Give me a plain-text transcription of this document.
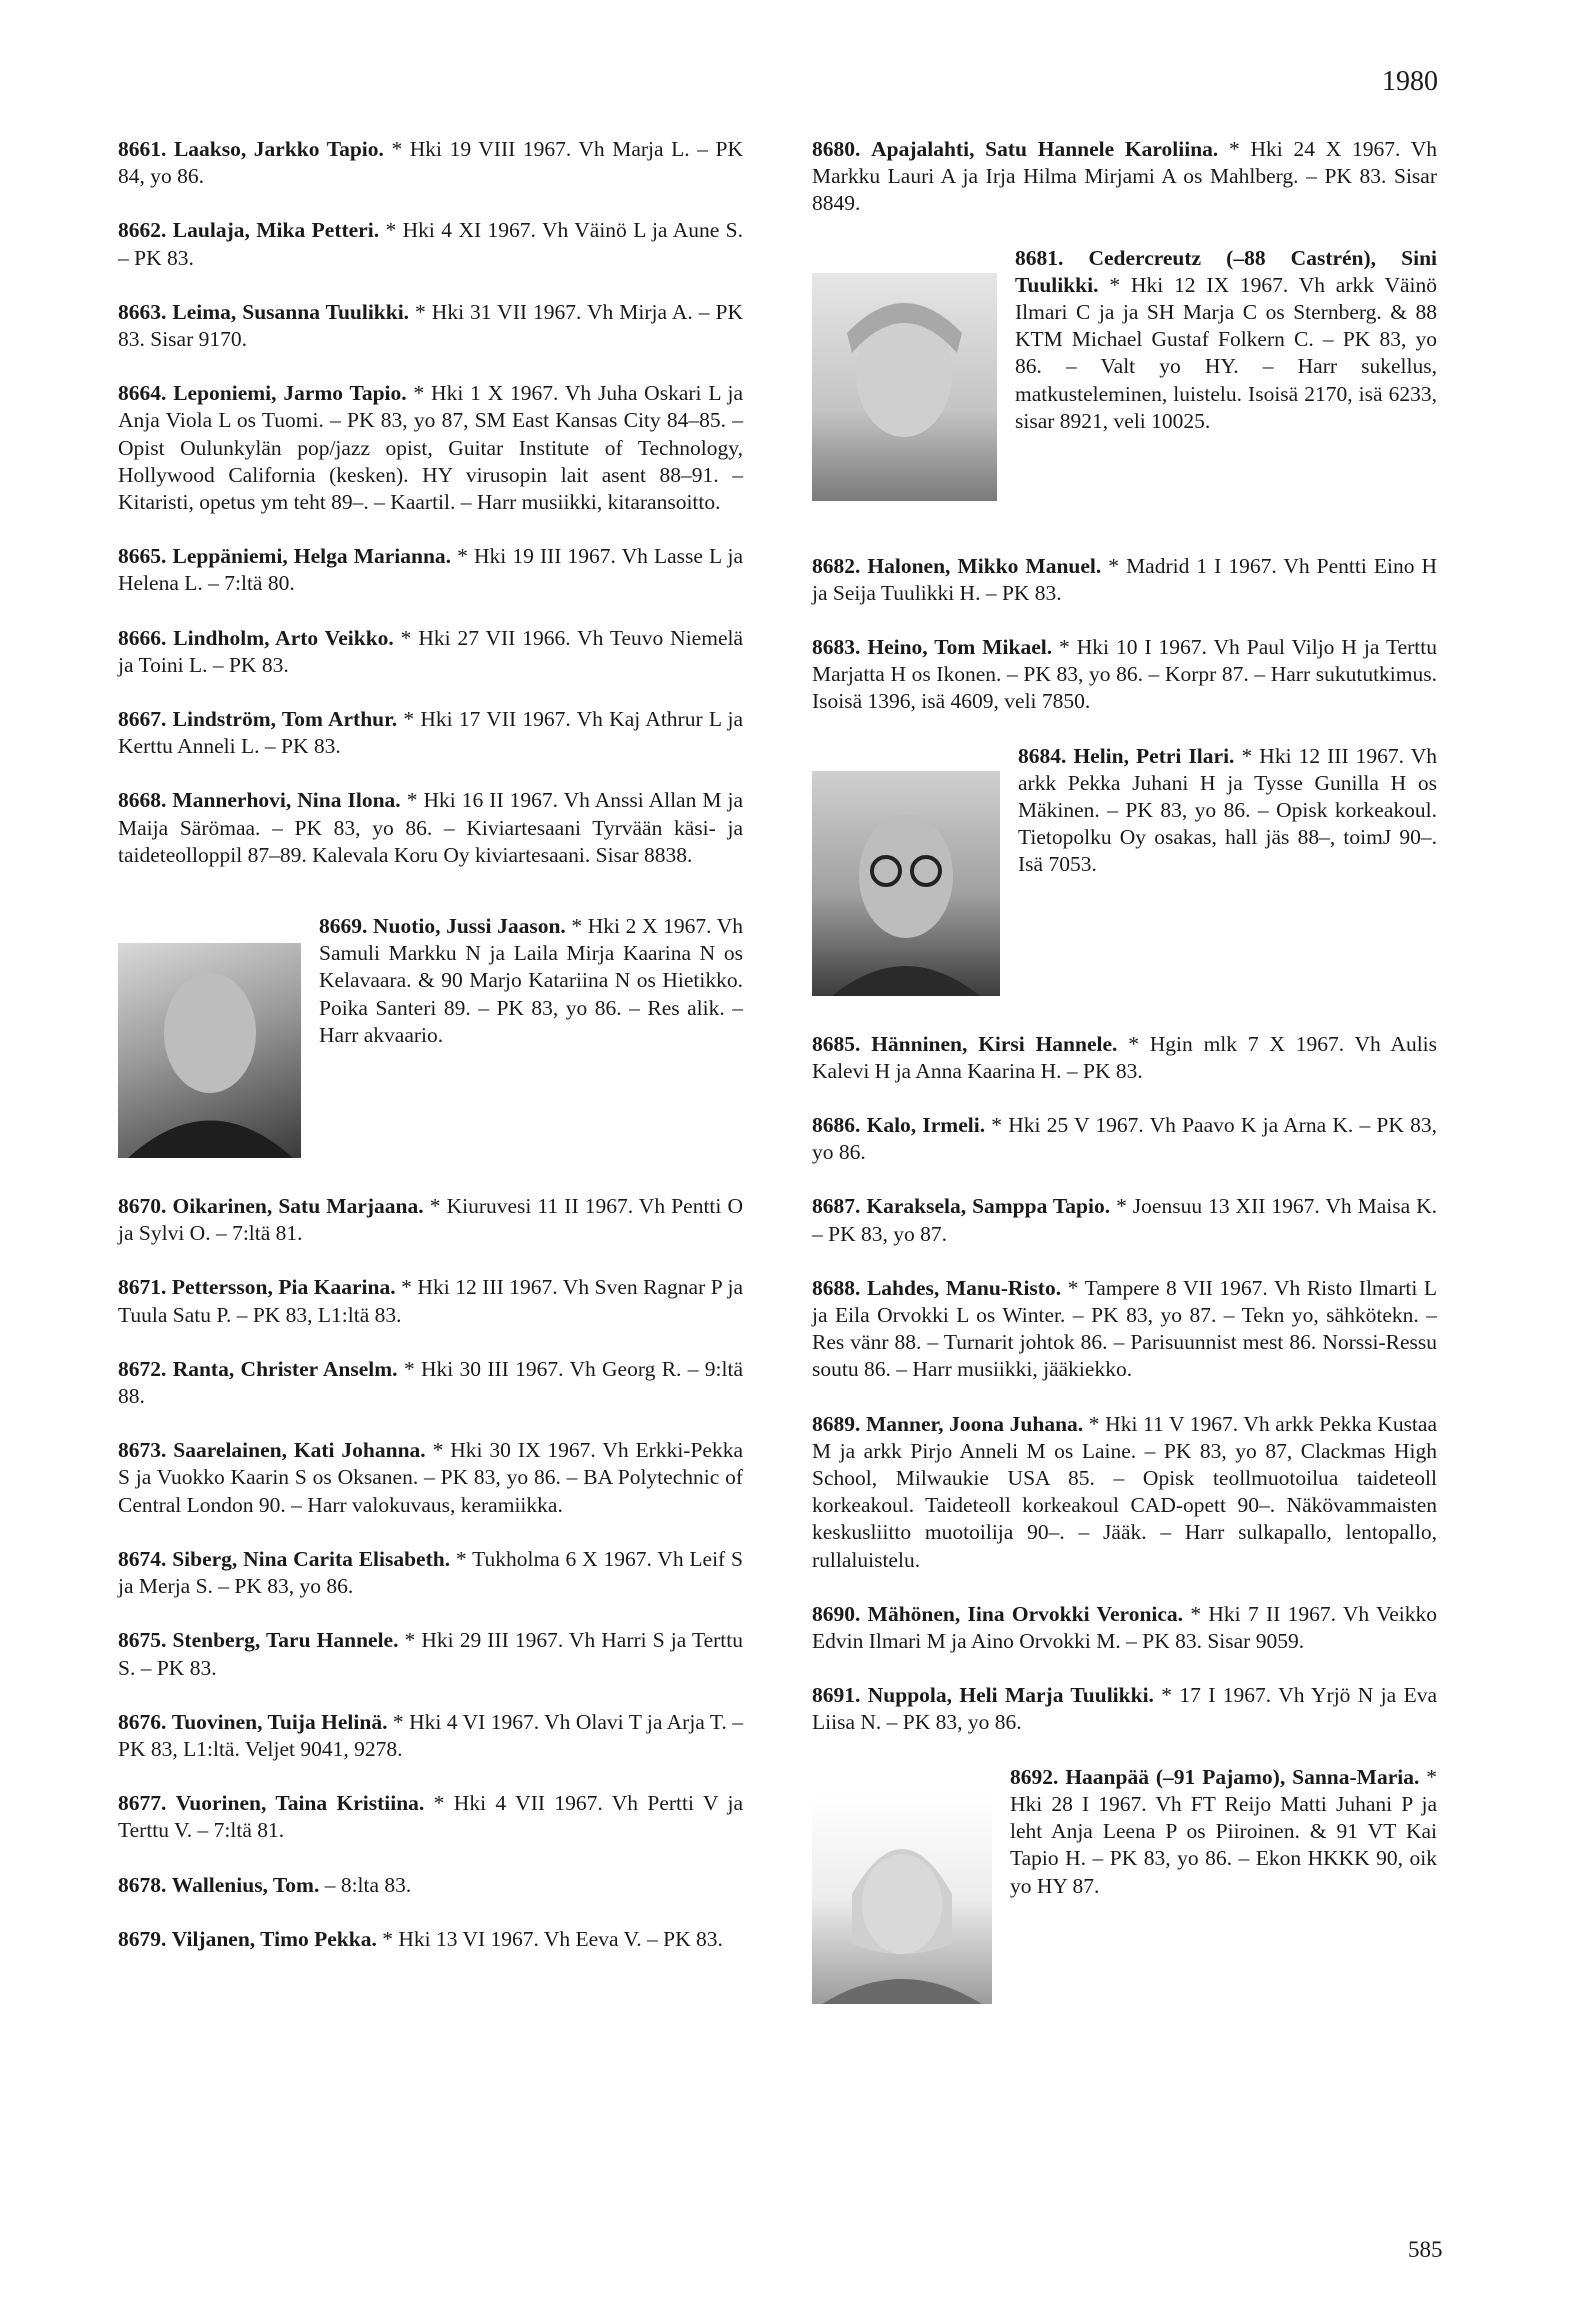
1980
8661. Laakso, Jarkko Tapio. * Hki 19 VIII 1967. Vh Marja L. – PK 84, yo 86.
8662. Laulaja, Mika Petteri. * Hki 4 XI 1967. Vh Väinö L ja Aune S. – PK 83.
8663. Leima, Susanna Tuulikki. * Hki 31 VII 1967. Vh Mirja A. – PK 83. Sisar 9170.
8664. Leponiemi, Jarmo Tapio. * Hki 1 X 1967. Vh Juha Oskari L ja Anja Viola L os Tuomi. – PK 83, yo 87, SM East Kansas City 84–85. – Opist Oulunkylän pop/jazz opist, Guitar Institute of Technology, Hollywood California (kesken). HY virusopin lait asent 88–91. – Kitaristi, opetus ym teht 89–. – Kaartil. – Harr musiikki, kitaransoitto.
8665. Leppäniemi, Helga Marianna. * Hki 19 III 1967. Vh Lasse L ja Helena L. – 7:ltä 80.
8666. Lindholm, Arto Veikko. * Hki 27 VII 1966. Vh Teuvo Niemelä ja Toini L. – PK 83.
8667. Lindström, Tom Arthur. * Hki 17 VII 1967. Vh Kaj Athrur L ja Kerttu Anneli L. – PK 83.
8668. Mannerhovi, Nina Ilona. * Hki 16 II 1967. Vh Anssi Allan M ja Maija Särömaa. – PK 83, yo 86. – Kiviartesaani Tyrvään käsi- ja taideteolloppil 87–89. Kalevala Koru Oy kiviartesaani. Sisar 8838.
8669. Nuotio, Jussi Jaason. * Hki 2 X 1967. Vh Samuli Markku N ja Laila Mirja Kaarina N os Kelavaara. & 90 Marjo Katariina N os Hietikko. Poika Santeri 89. – PK 83, yo 86. – Res alik. – Harr akvaario.
8670. Oikarinen, Satu Marjaana. * Kiuruvesi 11 II 1967. Vh Pentti O ja Sylvi O. – 7:ltä 81.
8671. Pettersson, Pia Kaarina. * Hki 12 III 1967. Vh Sven Ragnar P ja Tuula Satu P. – PK 83, L1:ltä 83.
8672. Ranta, Christer Anselm. * Hki 30 III 1967. Vh Georg R. – 9:ltä 88.
8673. Saarelainen, Kati Johanna. * Hki 30 IX 1967. Vh Erkki-Pekka S ja Vuokko Kaarin S os Oksanen. – PK 83, yo 86. – BA Polytechnic of Central London 90. – Harr valokuvaus, keramiikka.
8674. Siberg, Nina Carita Elisabeth. * Tukholma 6 X 1967. Vh Leif S ja Merja S. – PK 83, yo 86.
8675. Stenberg, Taru Hannele. * Hki 29 III 1967. Vh Harri S ja Terttu S. – PK 83.
8676. Tuovinen, Tuija Helinä. * Hki 4 VI 1967. Vh Olavi T ja Arja T. – PK 83, L1:ltä. Veljet 9041, 9278.
8677. Vuorinen, Taina Kristiina. * Hki 4 VII 1967. Vh Pertti V ja Terttu V. – 7:ltä 81.
8678. Wallenius, Tom. – 8:lta 83.
8679. Viljanen, Timo Pekka. * Hki 13 VI 1967. Vh Eeva V. – PK 83.
8680. Apajalahti, Satu Hannele Karoliina. * Hki 24 X 1967. Vh Markku Lauri A ja Irja Hilma Mirjami A os Mahlberg. – PK 83. Sisar 8849.
8681. Cedercreutz (–88 Castrén), Sini Tuulikki. * Hki 12 IX 1967. Vh arkk Väinö Ilmari C ja ja SH Marja C os Sternberg. & 88 KTM Michael Gustaf Folkern C. – PK 83, yo 86. – Valt yo HY. – Harr sukellus, matkusteleminen, luistelu. Isoisä 2170, isä 6233, sisar 8921, veli 10025.
8682. Halonen, Mikko Manuel. * Madrid 1 I 1967. Vh Pentti Eino H ja Seija Tuulikki H. – PK 83.
8683. Heino, Tom Mikael. * Hki 10 I 1967. Vh Paul Viljo H ja Terttu Marjatta H os Ikonen. – PK 83, yo 86. – Korpr 87. – Harr sukututkimus. Isoisä 1396, isä 4609, veli 7850.
8684. Helin, Petri Ilari. * Hki 12 III 1967. Vh arkk Pekka Juhani H ja Tysse Gunilla H os Mäkinen. – PK 83, yo 86. – Opisk korkeakoul. Tietopolku Oy osakas, hall jäs 88–, toimJ 90–. Isä 7053.
8685. Hänninen, Kirsi Hannele. * Hgin mlk 7 X 1967. Vh Aulis Kalevi H ja Anna Kaarina H. – PK 83.
8686. Kalo, Irmeli. * Hki 25 V 1967. Vh Paavo K ja Arna K. – PK 83, yo 86.
8687. Karaksela, Samppa Tapio. * Joensuu 13 XII 1967. Vh Maisa K. – PK 83, yo 87.
8688. Lahdes, Manu-Risto. * Tampere 8 VII 1967. Vh Risto Ilmarti L ja Eila Orvokki L os Winter. – PK 83, yo 87. – Tekn yo, sähkötekn. – Res vänr 88. – Turnarit johtok 86. – Parisuunnist mest 86. Norssi-Ressu soutu 86. – Harr musiikki, jääkiekko.
8689. Manner, Joona Juhana. * Hki 11 V 1967. Vh arkk Pekka Kustaa M ja arkk Pirjo Anneli M os Laine. – PK 83, yo 87, Clackmas High School, Milwaukie USA 85. – Opisk teollmuotoilua taideteoll korkeakoul. Taideteoll korkeakoul CAD-opett 90–. Näkövammaisten keskusliitto muotoilija 90–. – Jääk. – Harr sulkapallo, lentopallo, rullaluistelu.
8690. Mähönen, Iina Orvokki Veronica. * Hki 7 II 1967. Vh Veikko Edvin Ilmari M ja Aino Orvokki M. – PK 83. Sisar 9059.
8691. Nuppola, Heli Marja Tuulikki. * 17 I 1967. Vh Yrjö N ja Eva Liisa N. – PK 83, yo 86.
8692. Haanpää (–91 Pajamo), Sanna-Maria. * Hki 28 I 1967. Vh FT Reijo Matti Juhani P ja leht Anja Leena P os Piiroinen. & 91 VT Kai Tapio H. – PK 83, yo 86. – Ekon HKKK 90, oik yo HY 87.
585
